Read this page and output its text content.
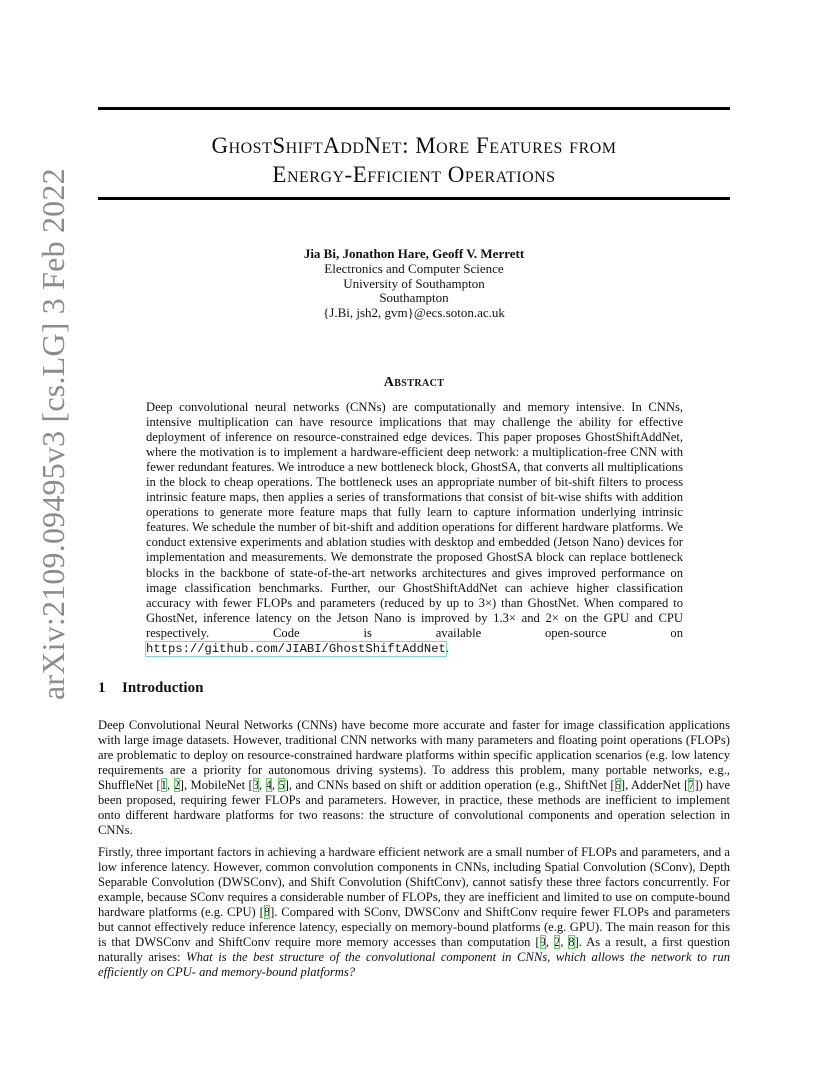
arXiv:2109.09495v3 [cs.LG] 3 Feb 2022
GhostShiftAddNet: More Features from
Energy-Efficient Operations
Jia Bi, Jonathon Hare, Geoff V. Merrett
Electronics and Computer Science
University of Southampton
Southampton
{J.Bi, jsh2, gvm}@ecs.soton.ac.uk
Abstract
Deep convolutional neural networks (CNNs) are computationally and memory intensive. In CNNs, intensive multiplication can have resource implications that may challenge the ability for effective deployment of inference on resource-constrained edge devices. This paper proposes GhostShiftAddNet, where the motivation is to implement a hardware-efficient deep network: a multiplication-free CNN with fewer redundant features. We introduce a new bottleneck block, GhostSA, that converts all multiplications in the block to cheap operations. The bottleneck uses an appropriate number of bit-shift filters to process intrinsic feature maps, then applies a series of transformations that consist of bit-wise shifts with addition operations to generate more feature maps that fully learn to capture information underlying intrinsic features. We schedule the number of bit-shift and addition operations for different hardware platforms. We conduct extensive experiments and ablation studies with desktop and embedded (Jetson Nano) devices for implementation and measurements. We demonstrate the proposed GhostSA block can replace bottleneck blocks in the backbone of state-of-the-art networks architectures and gives improved performance on image classification benchmarks. Further, our GhostShiftAddNet can achieve higher classification accuracy with fewer FLOPs and parameters (reduced by up to 3×) than GhostNet. When compared to GhostNet, inference latency on the Jetson Nano is improved by 1.3× and 2× on the GPU and CPU respectively. Code is available open-source on https://github.com/JIABI/GhostShiftAddNet.
1 Introduction
Deep Convolutional Neural Networks (CNNs) have become more accurate and faster for image classification applications with large image datasets. However, traditional CNN networks with many parameters and floating point operations (FLOPs) are problematic to deploy on resource-constrained hardware platforms within specific application scenarios (e.g. low latency requirements are a priority for autonomous driving systems). To address this problem, many portable networks, e.g., ShuffleNet [1, 2], MobileNet [3, 4, 5], and CNNs based on shift or addition operation (e.g., ShiftNet [6], AdderNet [7]) have been proposed, requiring fewer FLOPs and parameters. However, in practice, these methods are inefficient to implement onto different hardware platforms for two reasons: the structure of convolutional components and operation selection in CNNs.
Firstly, three important factors in achieving a hardware efficient network are a small number of FLOPs and parameters, and a low inference latency. However, common convolution components in CNNs, including Spatial Convolution (SConv), Depth Separable Convolution (DWSConv), and Shift Convolution (ShiftConv), cannot satisfy these three factors concurrently. For example, because SConv requires a considerable number of FLOPs, they are inefficient and limited to use on compute-bound hardware platforms (e.g. CPU) [8]. Compared with SConv, DWSConv and ShiftConv require fewer FLOPs and parameters but cannot effectively reduce inference latency, especially on memory-bound platforms (e.g. GPU). The main reason for this is that DWSConv and ShiftConv require more memory accesses than computation [9, 2, 8]. As a result, a first question naturally arises: What is the best structure of the convolutional component in CNNs, which allows the network to run efficiently on CPU- and memory-bound platforms?
